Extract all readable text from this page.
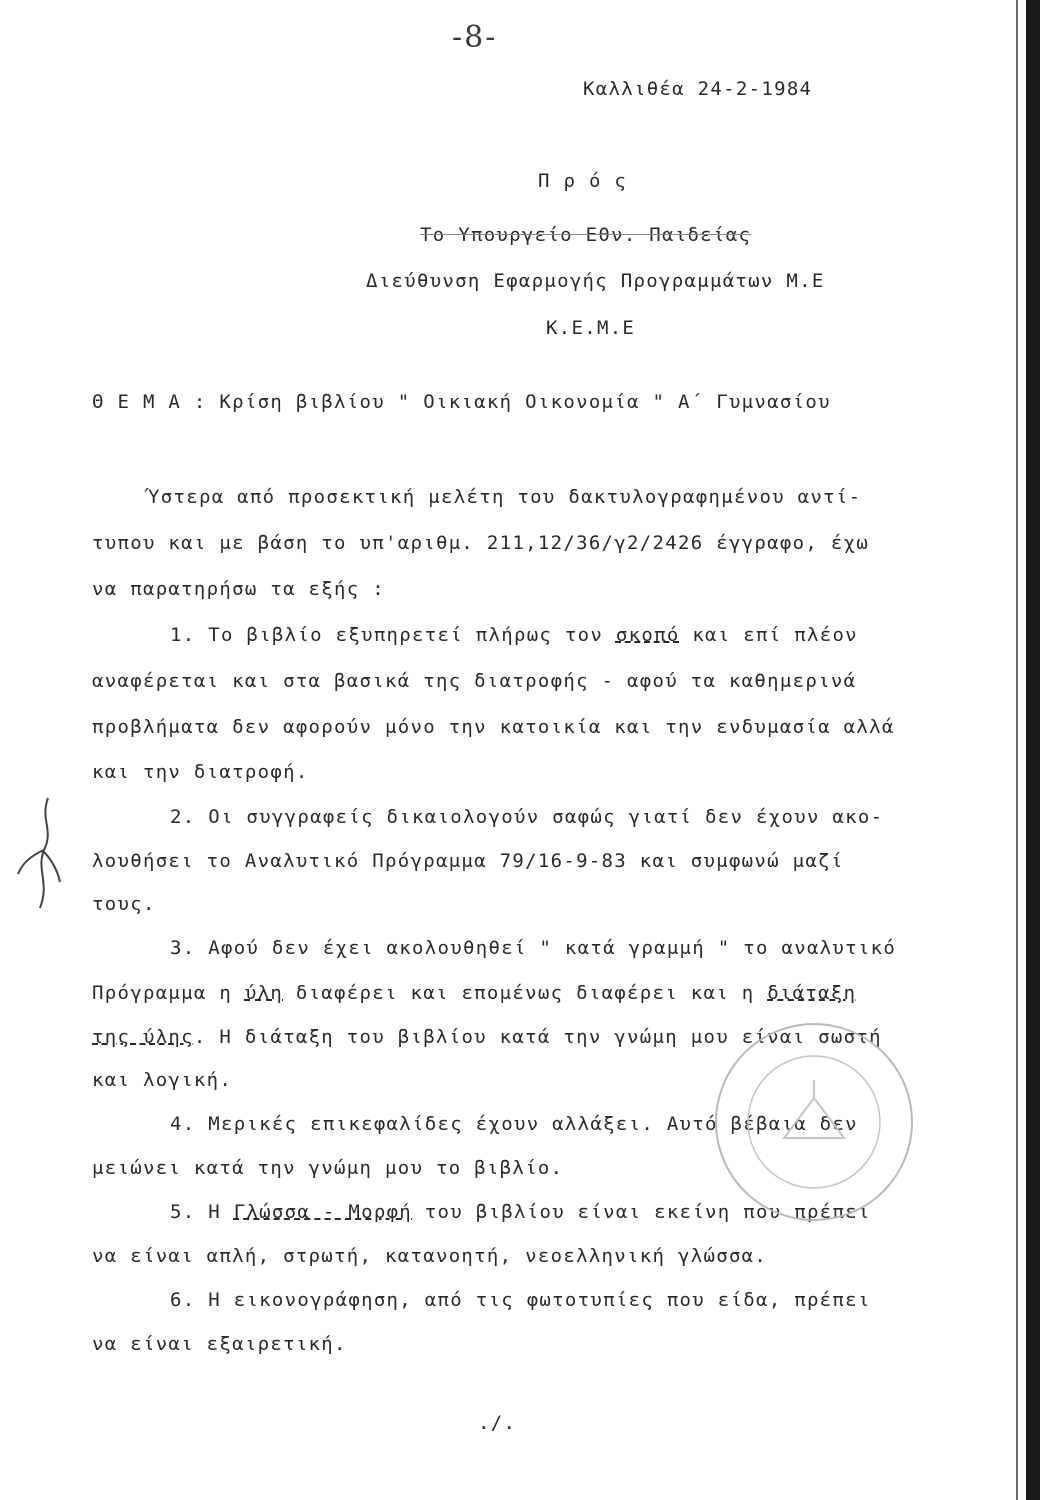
-8-
Καλλιθέα 24-2-1984
Π ρ ό ς
Το Υπουργείο Εθν. Παιδείας
Διεύθυνση Εφαρμογής Προγραμμάτων Μ.Ε
Κ.Ε.Μ.Ε
Θ Ε Μ Α : Κρίση βιβλίου " Οικιακή Οικονομία " Α΄ Γυμνασίου
Ύστερα από προσεκτική μελέτη του δακτυλογραφημένου αντί-
τυπου και με βάση το υπ'αριθμ. 211,12/36/γ2/2426 έγγραφο, έχω
να παρατηρήσω τα εξής :
1. Το βιβλίο εξυπηρετεί πλήρως τον σκοπό και επί πλέον
αναφέρεται και στα βασικά της διατροφής - αφού τα καθημερινά
προβλήματα δεν αφορούν μόνο την κατοικία και την ενδυμασία αλλά
και την διατροφή.
2. Οι συγγραφείς δικαιολογούν σαφώς γιατί δεν έχουν ακο-
λουθήσει το Αναλυτικό Πρόγραμμα 79/16-9-83 και συμφωνώ μαζί
τους.
3. Αφού δεν έχει ακολουθηθεί " κατά γραμμή " το αναλυτικό
Πρόγραμμα η ύλη διαφέρει και επομένως διαφέρει και η διάταξη
της ύλης. Η διάταξη του βιβλίου κατά την γνώμη μου είναι σωστή
και λογική.
4. Μερικές επικεφαλίδες έχουν αλλάξει. Αυτό βέβαια δεν
μειώνει κατά την γνώμη μου το βιβλίο.
5. Η Γλώσσα - Μορφή του βιβλίου είναι εκείνη που πρέπει
να είναι απλή, στρωτή, κατανοητή, νεοελληνική γλώσσα.
6. Η εικονογράφηση, από τις φωτοτυπίες που είδα, πρέπει
να είναι εξαιρετική.
./.
